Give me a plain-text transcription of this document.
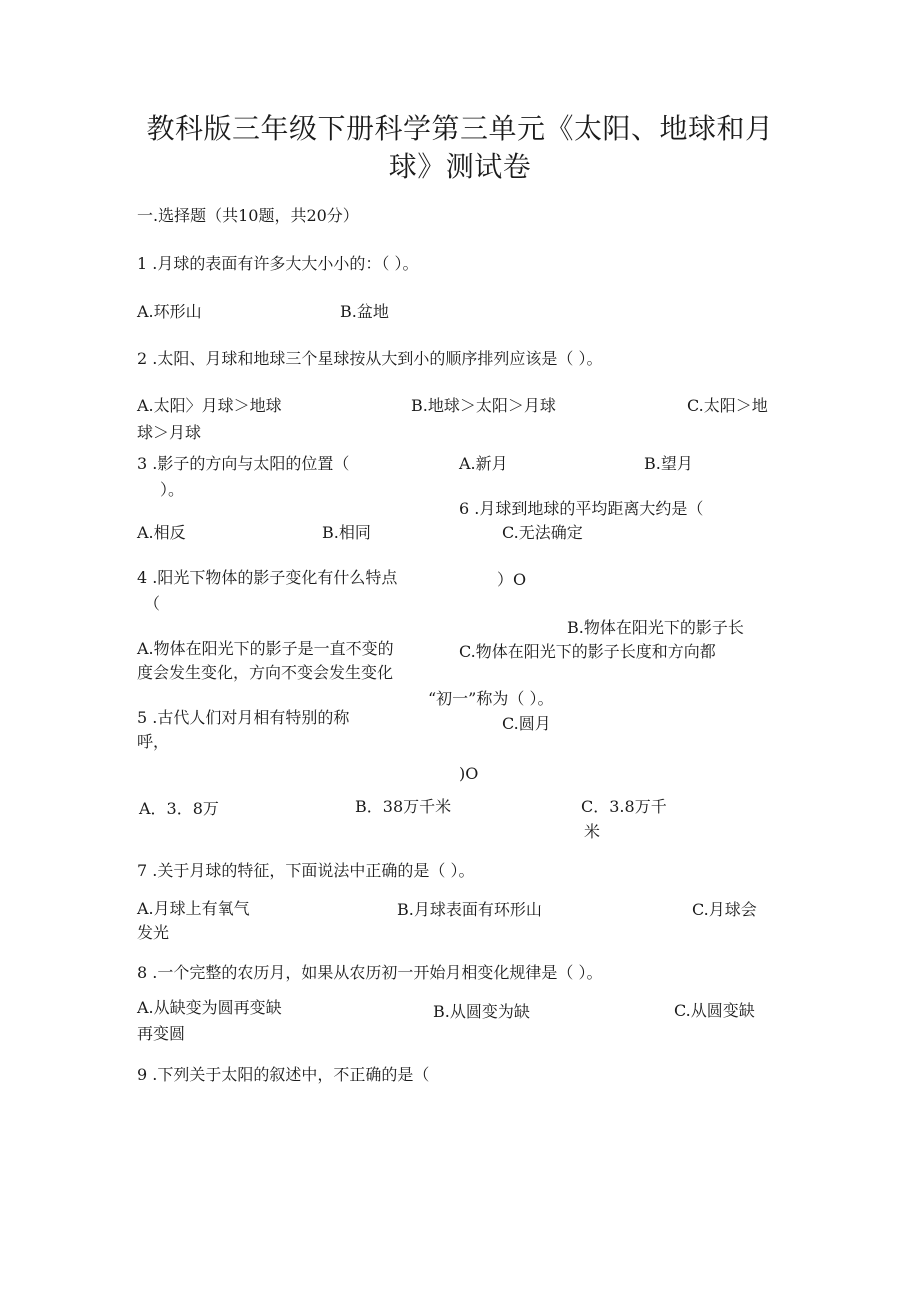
教科版三年级下册科学第三单元《太阳、地球和月
球》测试卷
一.选择题（共10题，共20分）
1 .月球的表面有许多大大小小的：（ ）。
A.环形山	B.盆地
2 .太阳、月球和地球三个星球按从大到小的顺序排列应该是（ ）。
A.太阳〉月球＞地球	B.地球＞太阳＞月球	C.太阳＞地
球＞月球
3 .影子的方向与太阳的位置（	A.新月	B.望月
）。
6 .月球到地球的平均距离大约是（
A.相反	B.相同	C.无法确定
4 .阳光下物体的影子变化有什么特点	）O
（
B.物体在阳光下的影子长
A.物体在阳光下的影子是一直不变的	C.物体在阳光下的影子长度和方向都
度会发生变化，方向不变会发生变化
“初一”称为（ ）。
5 .古代人们对月相有特别的称	C.圆月
呼，
)O
A．3．8万	B．38万千米	C．3.8万千
米
7 .关于月球的特征，下面说法中正确的是（ ）。
A.月球上有氧气	B.月球表面有环形山	C.月球会
发光
8 .一个完整的农历月，如果从农历初一开始月相变化规律是（ ）。
A.从缺变为圆再变缺	B.从圆变为缺	C.从圆变缺
再变圆
9 .下列关于太阳的叙述中，不正确的是（
